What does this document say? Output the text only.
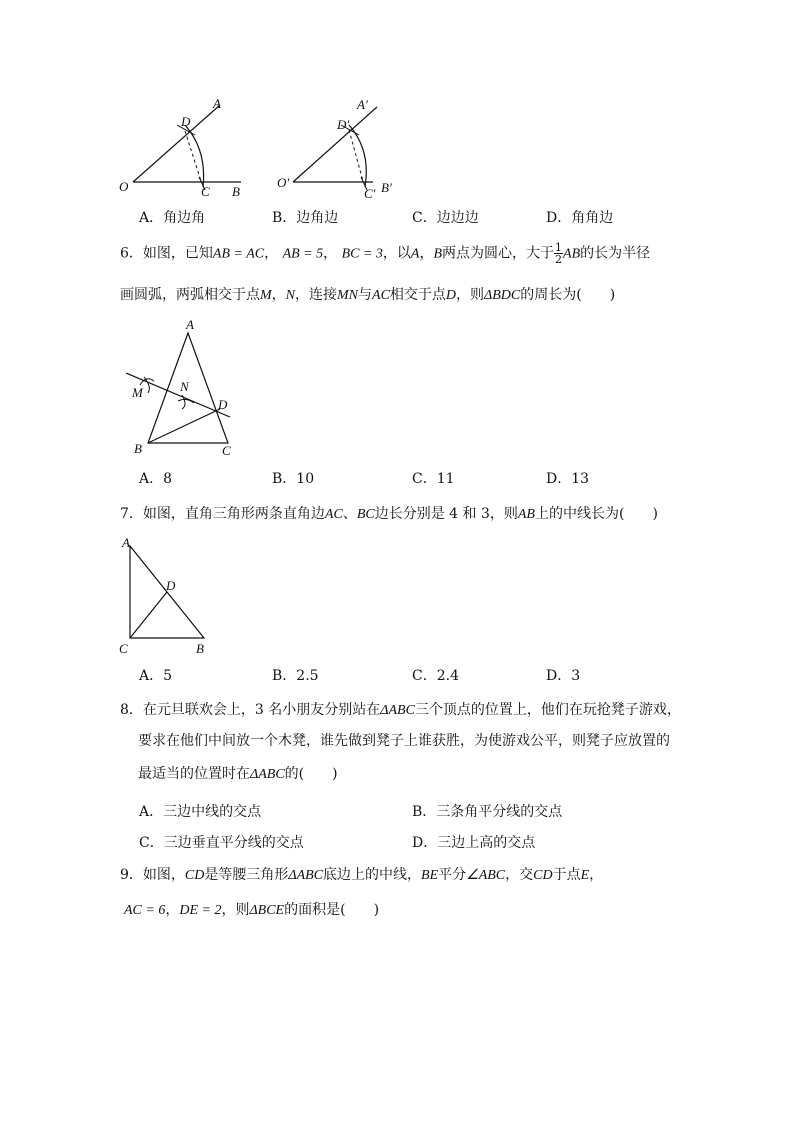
A
D
O	C B
A′
D′
O′
C′ B′
A．角边角	B．边角边	C．边边边	D．角角边
6．如图，已知AB = AC， AB = 5， BC = 3，以A，B两点为圆心，大于 $\frac{1}{2}$ AB的长为半径
画圆弧，两弧相交于点M，N，连接MN与AC相交于点D，则ΔBDC的周长为(　　)
A
M	N
D
B	C
A．8	B．10	C．11	D．13
7．如图，直角三角形两条直角边AC、BC边长分别是 4 和 3，则AB上的中线长为(　　)
A
D
C	B
A．5	B．2.5	C．2.4	D．3
8．在元旦联欢会上，3 名小朋友分别站在ΔABC三个顶点的位置上，他们在玩抢凳子游戏，
要求在他们中间放一个木凳，谁先做到凳子上谁获胜，为使游戏公平，则凳子应放置的
最适当的位置时在ΔABC的(　　)
A．三边中线的交点	B．三条角平分线的交点
C．三边垂直平分线的交点	D．三边上高的交点
9．如图，CD是等腰三角形ΔABC底边上的中线，BE平分∠ABC，交CD于点E，
AC = 6，DE = 2，则ΔBCE的面积是(　　)
